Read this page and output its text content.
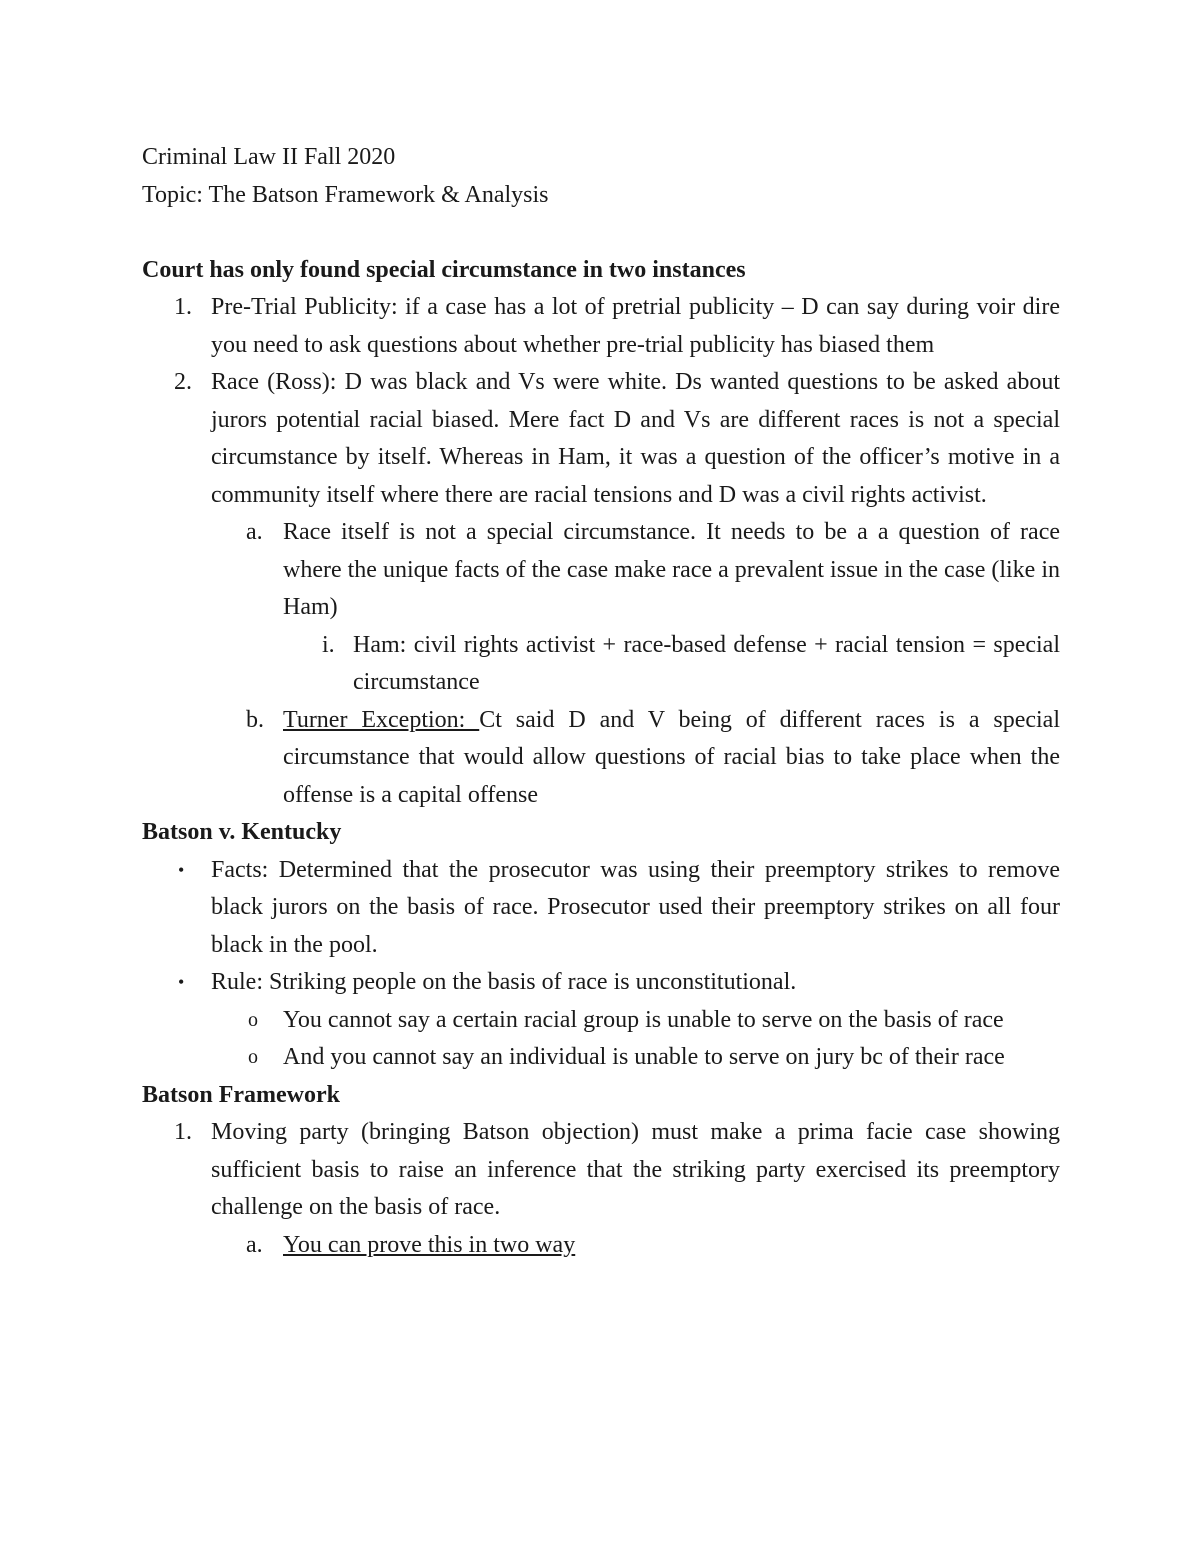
Criminal Law II Fall 2020
Topic: The Batson Framework & Analysis

Court has only found special circumstance in two instances
1. Pre-Trial Publicity: if a case has a lot of pretrial publicity – D can say during voir dire you need to ask questions about whether pre-trial publicity has biased them
2. Race (Ross): D was black and Vs were white. Ds wanted questions to be asked about jurors potential racial biased. Mere fact D and Vs are different races is not a special circumstance by itself. Whereas in Ham, it was a question of the officer’s motive in a community itself where there are racial tensions and D was a civil rights activist.
a. Race itself is not a special circumstance. It needs to be a a question of race where the unique facts of the case make race a prevalent issue in the case (like in Ham)
i. Ham: civil rights activist + race-based defense + racial tension = special circumstance
b. Turner Exception: Ct said D and V being of different races is a special circumstance that would allow questions of racial bias to take place when the offense is a capital offense
Batson v. Kentucky
• Facts: Determined that the prosecutor was using their preemptory strikes to remove black jurors on the basis of race. Prosecutor used their preemptory strikes on all four black in the pool.
• Rule: Striking people on the basis of race is unconstitutional.
o You cannot say a certain racial group is unable to serve on the basis of race
o And you cannot say an individual is unable to serve on jury bc of their race
Batson Framework
1. Moving party (bringing Batson objection) must make a prima facie case showing sufficient basis to raise an inference that the striking party exercised its preemptory challenge on the basis of race.
a. You can prove this in two way
